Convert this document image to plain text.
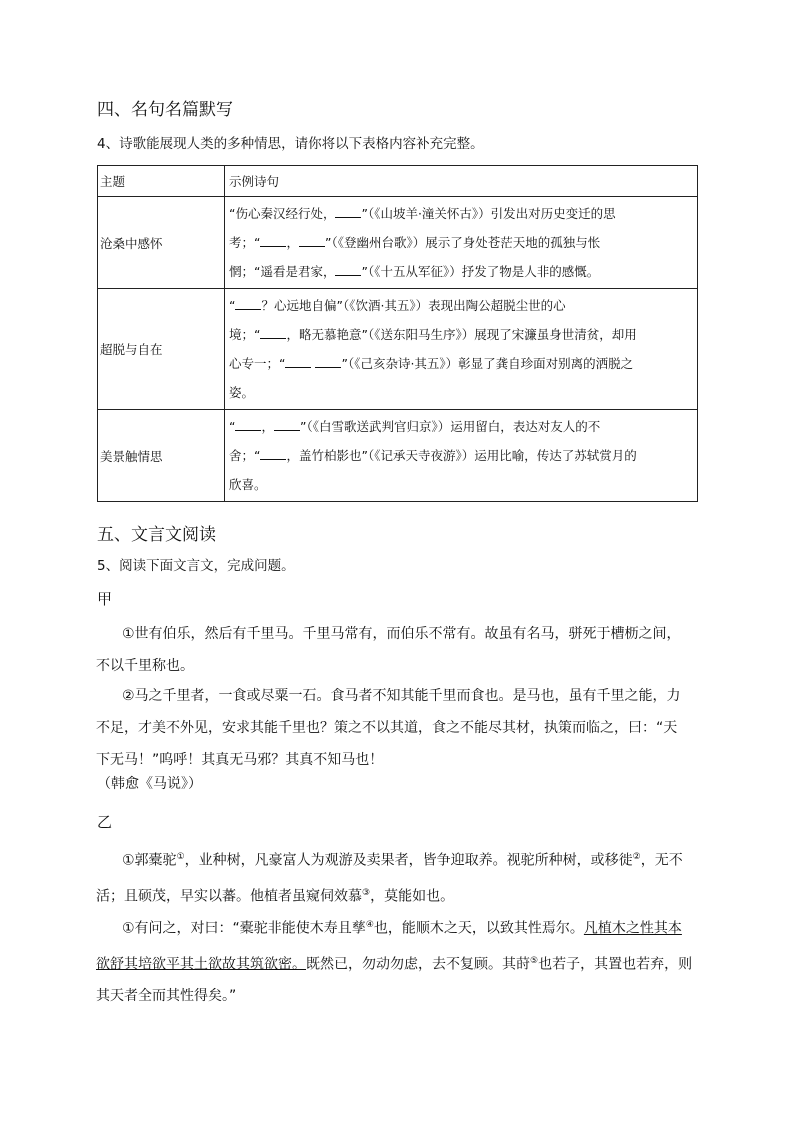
四、名句名篇默写
4、诗歌能展现人类的多种情思，请你将以下表格内容补充完整。
主题	示例诗句
沧桑中感怀	“伤心秦汉经行处， ”（《山坡羊·潼关怀古》）引发出对历史变迁的思
考；“ ， ”（《登幽州台歌》）展示了身处苍茫天地的孤独与怅
惘；“遥看是君家， ”（《十五从军征》）抒发了物是人非的感慨。

超脱与自在	“ ？心远地自偏”（《饮酒·其五》）表现出陶公超脱尘世的心
境；“ ，略无慕艳意”（《送东阳马生序》）展现了宋濂虽身世清贫，却用
心专一；“ ”（《己亥杂诗·其五》）彰显了龚自珍面对别离的洒脱之
姿。

美景触情思	“ ， ”（《白雪歌送武判官归京》）运用留白，表达对友人的不
舍；“ ，盖竹柏影也”（《记承天寺夜游》）运用比喻，传达了苏轼赏月的
欣喜。
五、文言文阅读
5、阅读下面文言文，完成问题。
甲
①世有伯乐，然后有千里马。千里马常有，而伯乐不常有。故虽有名马，骈死于槽枥之间，
不以千里称也。
②马之千里者，一食或尽粟一石。食马者不知其能千里而食也。是马也，虽有千里之能，力
不足，才美不外见，安求其能千里也？策之不以其道，食之不能尽其材，执策而临之，曰：“天
下无马！”呜呼！其真无马邪？其真不知马也！
（韩愈《马说》）
乙
①郭橐驼①，业种树，凡豪富人为观游及卖果者，皆争迎取养。视驼所种树，或移徙②，无不
活；且硕茂，早实以蕃。他植者虽窥伺效慕③，莫能如也。
①有问之，对曰：“橐驼非能使木寿且孳④也，能顺木之天，以致其性焉尔。凡植木之性其本
欲舒其培欲平其土欲故其筑欲密。既然已，勿动勿虑，去不复顾。其莳⑤也若子，其置也若弃，则
其天者全而其性得矣。”
